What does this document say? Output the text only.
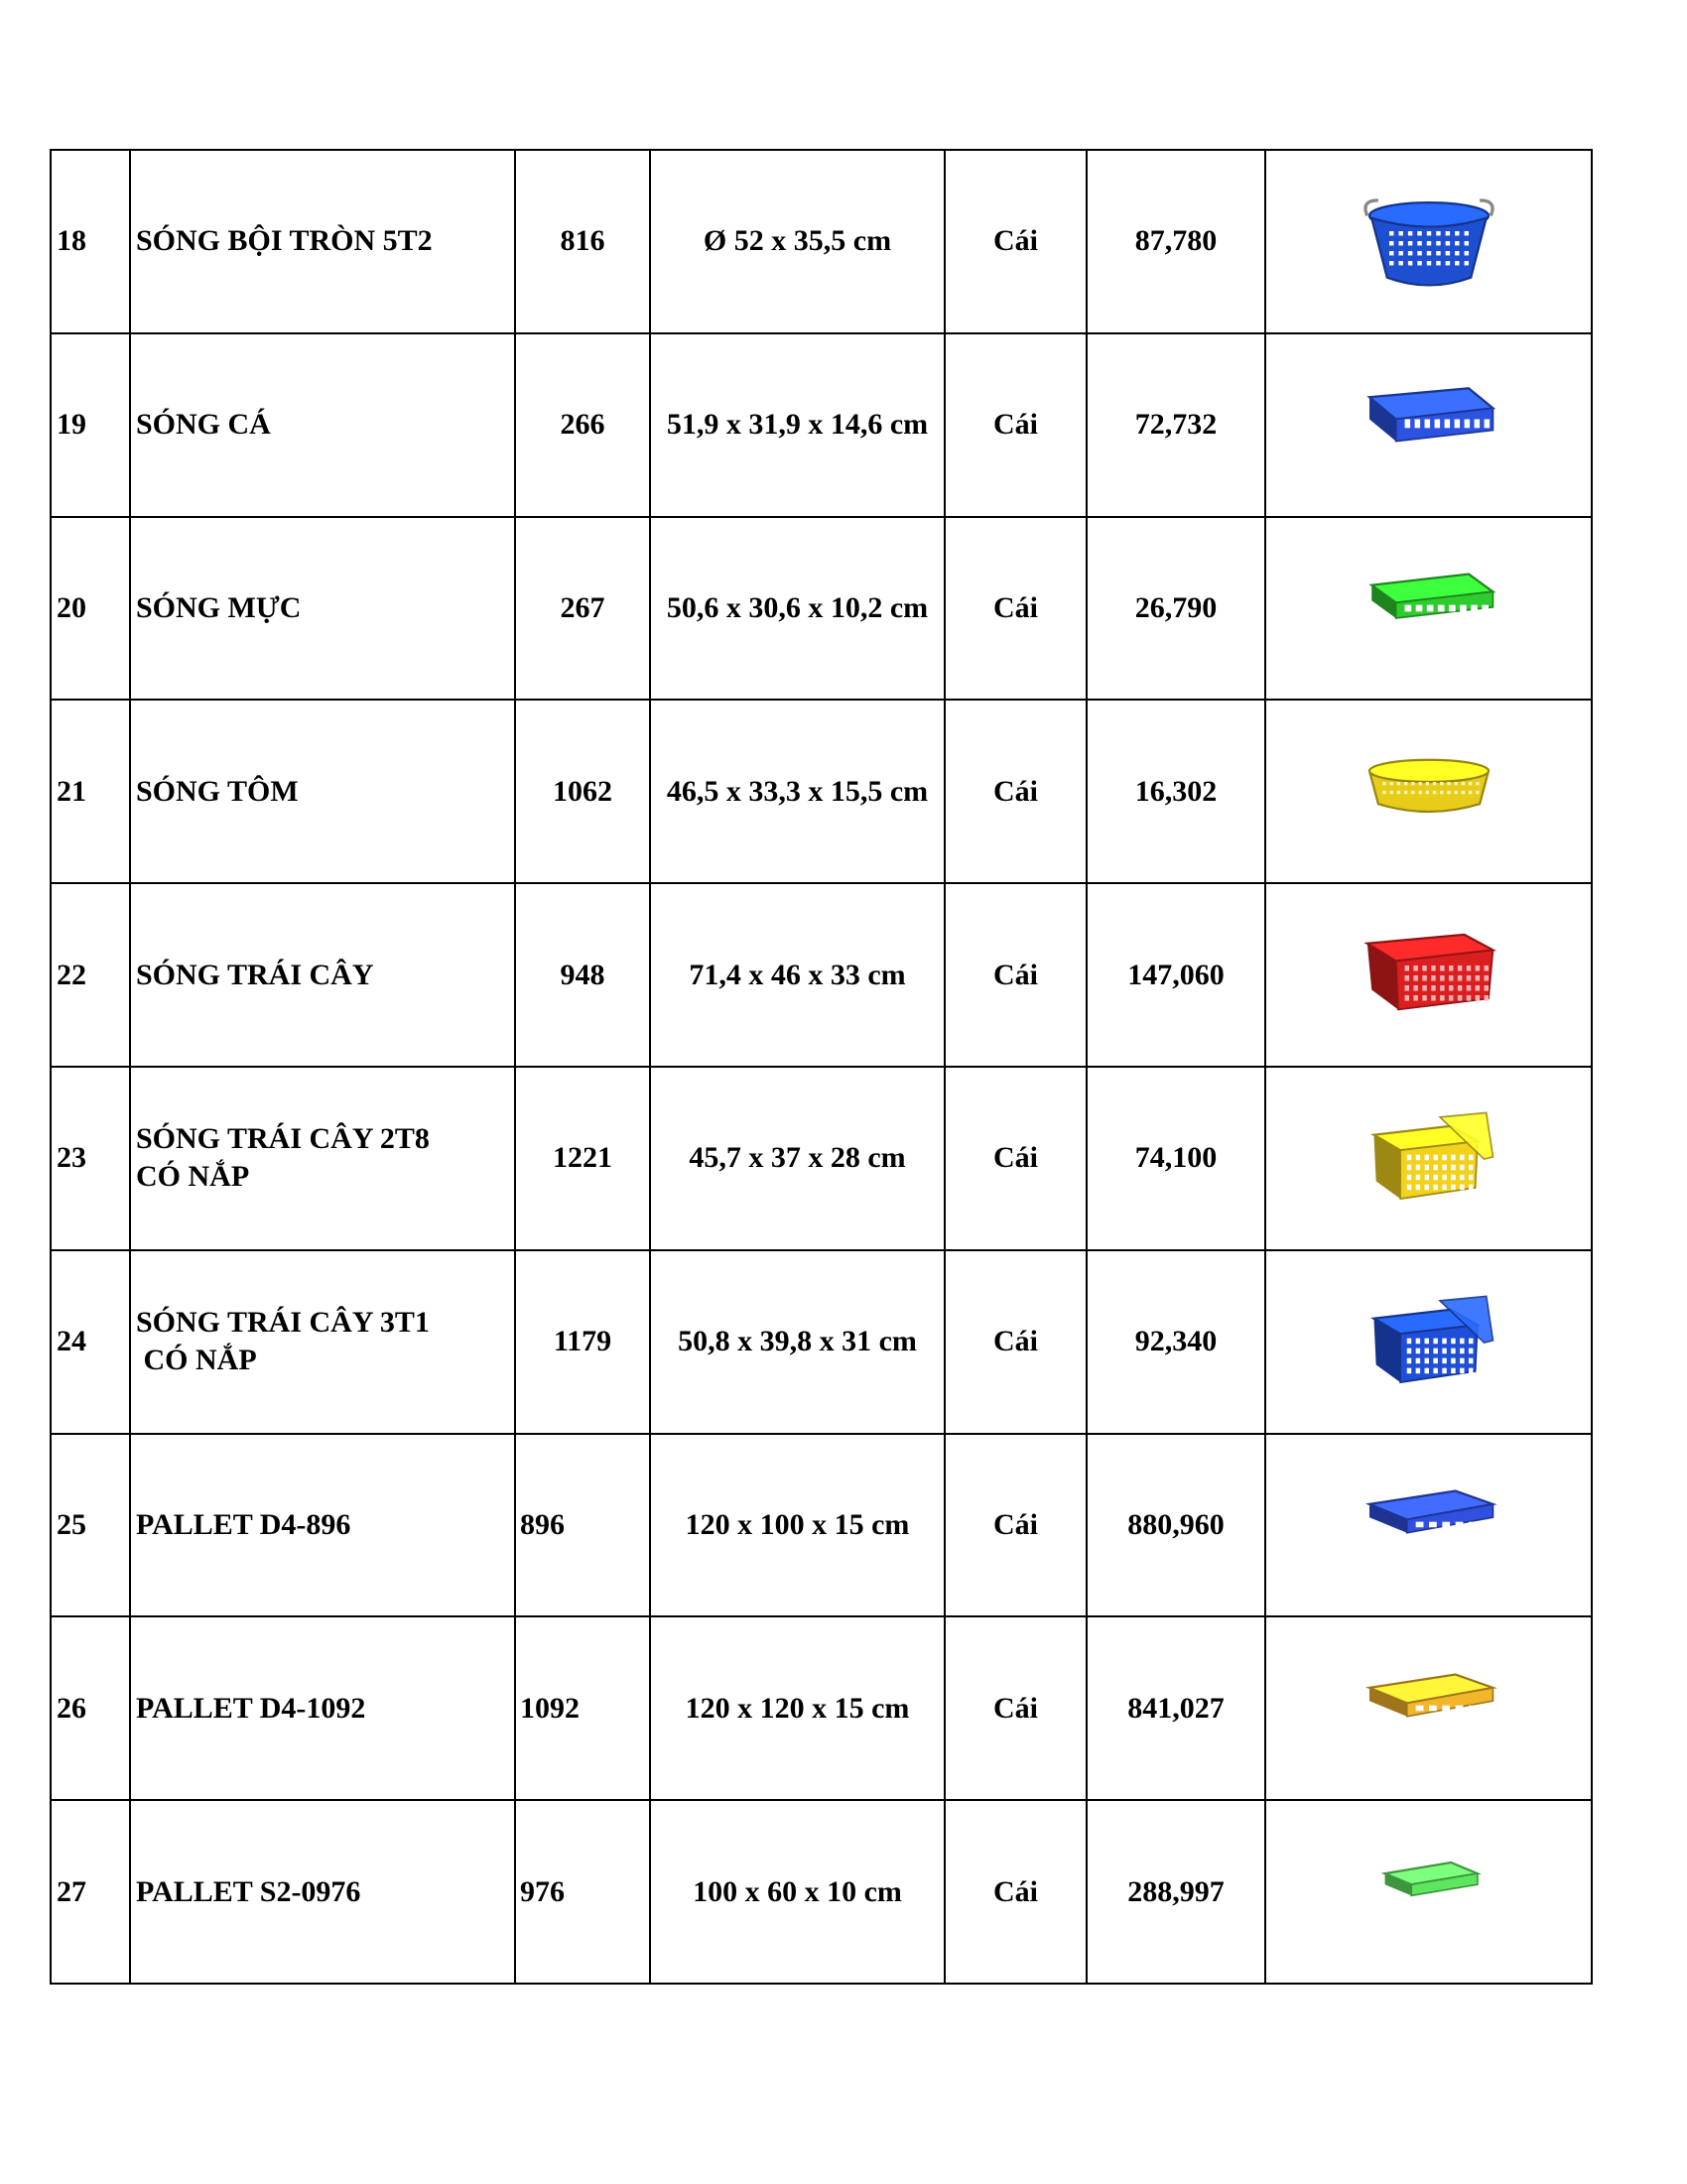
18	SÓNG BỘI TRÒN 5T2	816	Ø 52 x 35,5 cm	Cái	87,780	

19	SÓNG CÁ	266	51,9 x 31,9 x 14,6 cm	Cái	72,732	

20	SÓNG MỰC	267	50,6 x 30,6 x 10,2 cm	Cái	26,790	

21	SÓNG TÔM	1062	46,5 x 33,3 x 15,5 cm	Cái	16,302	

22	SÓNG TRÁI CÂY	948	71,4 x 46 x 33 cm	Cái	147,060	

23	SÓNG TRÁI CÂY 2T8
CÓ NẮP	1221	45,7 x 37 x 28 cm	Cái	74,100	

24	SÓNG TRÁI CÂY 3T1
CÓ NẮP	1179	50,8 x 39,8 x 31 cm	Cái	92,340	

25	PALLET D4-896	896	120 x 100 x 15 cm	Cái	880,960	

26	PALLET D4-1092	1092	120 x 120 x 15 cm	Cái	841,027	

27	PALLET S2-0976	976	100 x 60 x 10 cm	Cái	288,997	
